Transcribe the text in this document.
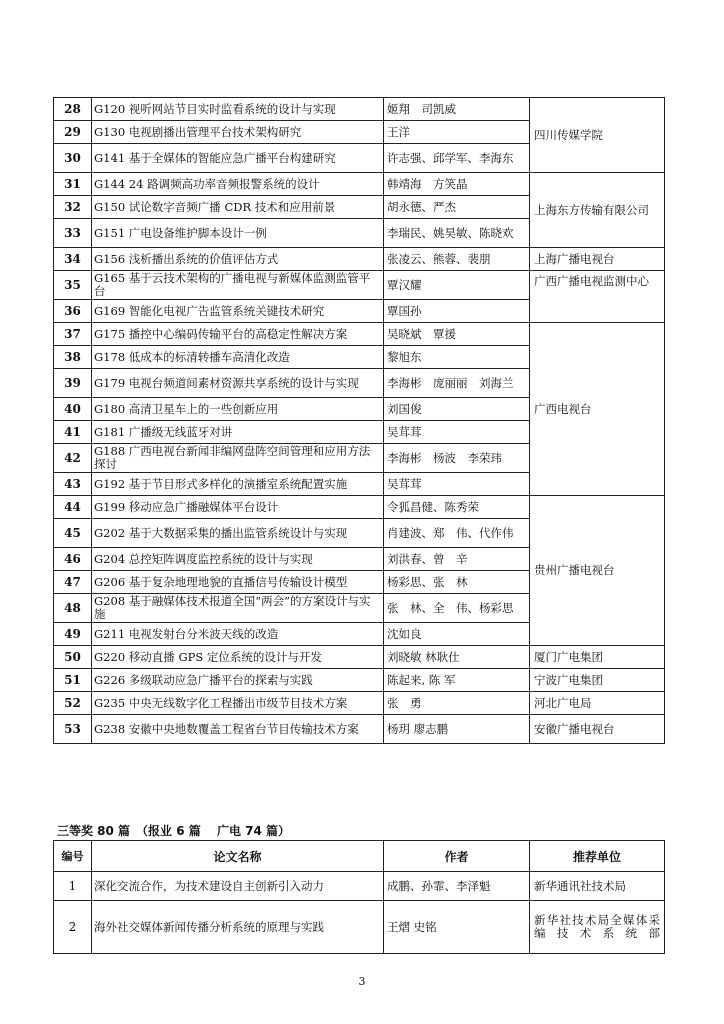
28	G120 视听网站节目实时监看系统的设计与实现	姬翔　司凯威	四川传媒学院
29	G130 电视剧播出管理平台技术架构研究	王洋	
30	G141 基于全媒体的智能应急广播平台构建研究	许志强、邱学军、李海东	
31	G144 24 路调频高功率音频报警系统的设计	韩靖海　方笑晶	上海东方传输有限公司
32	G150 试论数字音频广播 CDR 技术和应用前景	胡永德、严杰	
33	G151 广电设备维护脚本设计一例	李瑞民、姚昊敏、陈晓欢	
34	G156 浅析播出系统的价值评估方式	张凌云、熊蓉、裴朋	上海广播电视台
35	G165 基于云技术架构的广播电视与新媒体监测监管平台	覃汉耀	广西广播电视监测中心
36	G169 智能化电视广告监管系统关键技术研究	覃国孙	
37	G175 播控中心编码传输平台的高稳定性解决方案	吴晓斌　覃援	广西电视台
38	G178 低成本的标清转播车高清化改造	黎旭东	
39	G179 电视台频道间素材资源共享系统的设计与实现	李海彬　庞丽丽　刘海兰	
40	G180 高清卫星车上的一些创新应用	刘国俊	
41	G181 广播级无线蓝牙对讲	吴茸茸	
42	G188 广西电视台新闻非编网盘阵空间管理和应用方法探讨	李海彬　杨波　李荣玮	
43	G192 基于节目形式多样化的演播室系统配置实施	吴茸茸	
44	G199 移动应急广播融媒体平台设计	令狐昌健、陈秀荣	贵州广播电视台
45	G202 基于大数据采集的播出监管系统设计与实现	肖建波、郑　伟、代作伟	
46	G204 总控矩阵调度监控系统的设计与实现	刘洪春、曾　辛	
47	G206 基于复杂地理地貌的直播信号传输设计模型	杨彩思、张　林	
48	G208 基于融媒体技术报道全国“两会”的方案设计与实施	张　林、全　伟、杨彩思	
49	G211 电视发射台分米波天线的改造	沈如良	
50	G220 移动直播 GPS 定位系统的设计与开发	刘晓敏 林耿仕	厦门广电集团
51	G226 多级联动应急广播平台的探索与实践	陈起来, 陈 军	宁波广电集团
52	G235 中央无线数字化工程播出市级节目技术方案	张　勇	河北广电局
53	G238 安徽中央地数覆盖工程省台节目传输技术方案	杨玥 廖志鹏	安徽广播电视台
三等奖 80 篇　（报业 6 篇　 广电 74 篇）
编号	论文名称	作者	推荐单位
1	深化交流合作，为技术建设自主创新引入动力	成鹏、孙霏、李泽魁	新华通讯社技术局
2	海外社交媒体新闻传播分析系统的原理与实践	王熠 史铭	新华社技术局全媒体采编技术系统部
3
